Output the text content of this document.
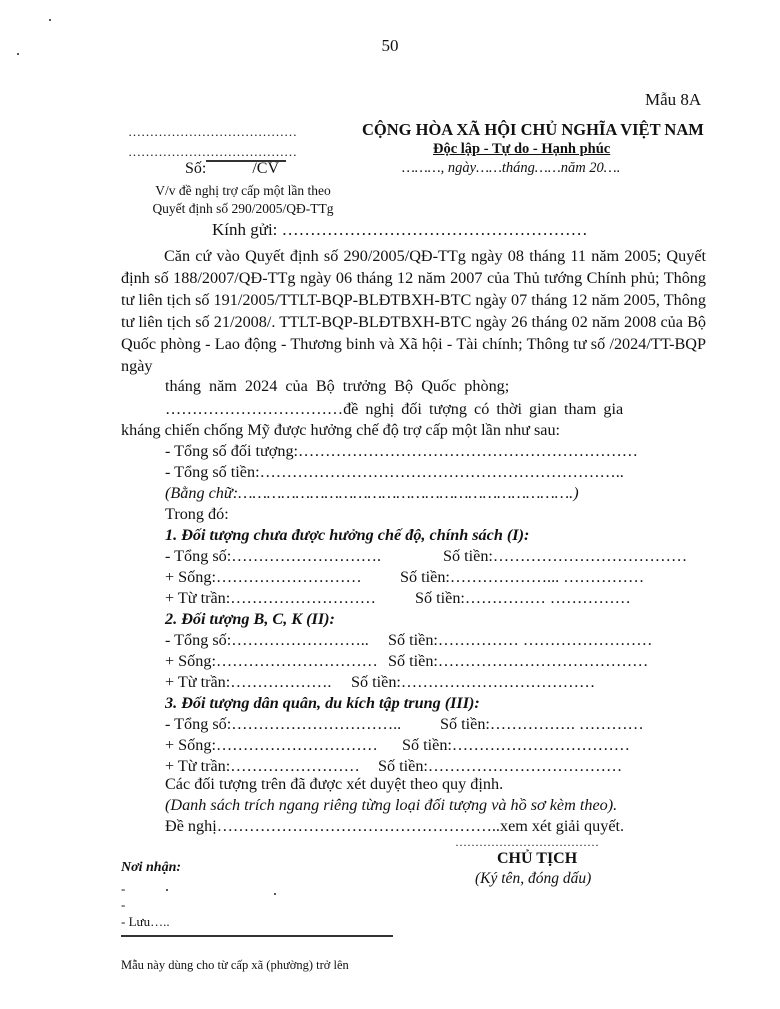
50
Mẫu 8A
…………………………………
…………………………………
Số:	/CV
V/v đề nghị trợ cấp một lần theo
Quyết định số 290/2005/QĐ-TTg
CỘNG HÒA XÃ HỘI CHỦ NGHĨA VIỆT NAM
Độc lập - Tự do - Hạnh phúc
………, ngày……tháng……năm 20….
Kính gửi: ………………………………………………
Căn cứ vào Quyết định số 290/2005/QĐ-TTg ngày 08 tháng 11 năm 2005; Quyết định số 188/2007/QĐ-TTg ngày 06 tháng 12 năm 2007 của Thủ tướng Chính phủ; Thông tư liên tịch số 191/2005/TTLT-BQP-BLĐTBXH-BTC ngày 07 tháng 12 năm 2005, Thông tư liên tịch số 21/2008/. TTLT-BQP-BLĐTBXH-BTC ngày 26 tháng 02 năm 2008 của Bộ Quốc phòng - Lao động - Thương binh và Xã hội - Tài chính; Thông tư số /2024/TT-BQP ngày
tháng năm 2024 của Bộ trưởng Bộ Quốc phòng;
……………………………đề nghị đối tượng có thời gian tham gia
kháng chiến chống Mỹ được hưởng chế độ trợ cấp một lần như sau:
- Tổng số đối tượng:………………………………………………………
- Tổng số tiền:…………………………………………………………..
(Bằng chữ:…………………………………………………………….)
Trong đó:
1. Đối tượng chưa được hưởng chế độ, chính sách (I):
- Tổng số:……………………….	Số tiền:………………………………
+ Sống:……………………… Số tiền:………………... ……………
+ Từ trần:……………………… Số tiền:…………… ……………
2. Đối tượng B, C, K (II):
- Tổng số:…………………….. Số tiền:…………… ……………………
+ Sống:………………………… Số tiền:…………………………………
+ Từ trần:………………. Số tiền:………………………………
3. Đối tượng dân quân, du kích tập trung (III):
- Tổng số:………………………….. Số tiền:……………. …………
+ Sống:………………………… Số tiền:……………………………
+ Từ trần:…………………… Số tiền:………………………………
Các đối tượng trên đã được xét duyệt theo quy định.
(Danh sách trích ngang riêng từng loại đối tượng và hồ sơ kèm theo).
Đề nghị……………………………………………..xem xét giải quyết.
………………………………
CHỦ TỊCH
(Ký tên, đóng dấu)
Nơi nhận:
-
-
- Lưu…..
Mẫu này dùng cho từ cấp xã (phường) trở lên
